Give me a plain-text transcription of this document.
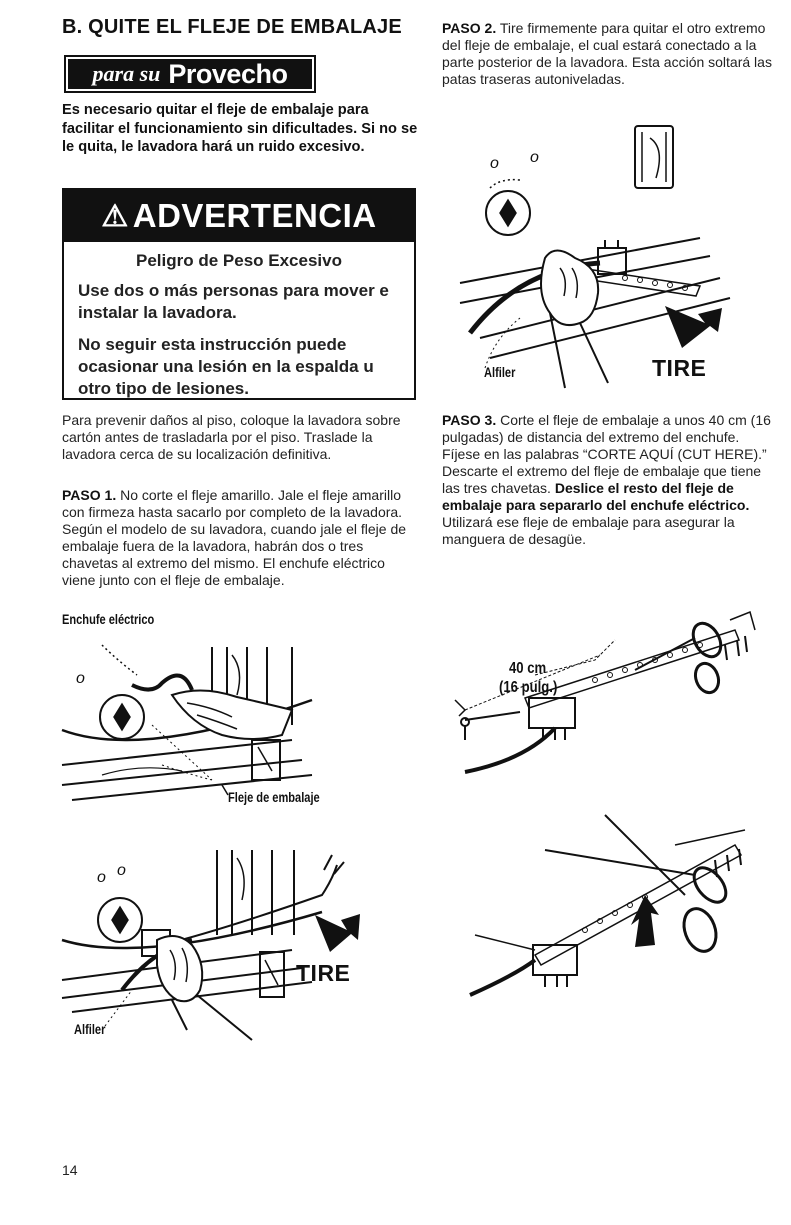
B. QUITE EL FLEJE DE EMBALAJE
para su Provecho
Es necesario quitar el fleje de embalaje para facilitar el funcionamiento sin dificultades. Si no se le quita, le lavadora hará un ruido excesivo.
⚠ ADVERTENCIA
Peligro de Peso Excesivo

Use dos o más personas para mover e instalar la lavadora.

No seguir esta instrucción puede ocasionar una lesión en la espalda u otro tipo de lesiones.

Para prevenir daños al piso, coloque la lavadora sobre cartón antes de trasladarla por el piso. Traslade la lavadora cerca de su localización definitiva.
PASO 1. No corte el fleje amarillo. Jale el fleje amarillo con firmeza hasta sacarlo por completo de la lavadora. Según el modelo de su lavadora, cuando jale el fleje de embalaje fuera de la lavadora, habrán dos o tres chavetas al extremo del mismo. El enchufe eléctrico viene junto con el fleje de embalaje.
Enchufe eléctrico
PASO 2. Tire firmemente para quitar el otro extremo del fleje de embalaje, el cual estará conectado a la parte posterior de la lavadora. Esta acción soltará las patas traseras autoniveladas.
PASO 3. Corte el fleje de embalaje a unos 40 cm (16 pulgadas) de distancia del extremo del enchufe. Fíjese en las palabras “CORTE AQUÍ (CUT HERE).” Descarte el extremo del fleje de embalaje que tiene las tres chavetas. Deslice el resto del fleje de embalaje para separarlo del enchufe eléctrico. Utilizará ese fleje de embalaje para asegurar la manguera de desagüe.
o o
Alfiler	TIRE
o
Fleje de embalaje
o o
TIRE
Alfiler
40 cm
(16 pulg.)
14
